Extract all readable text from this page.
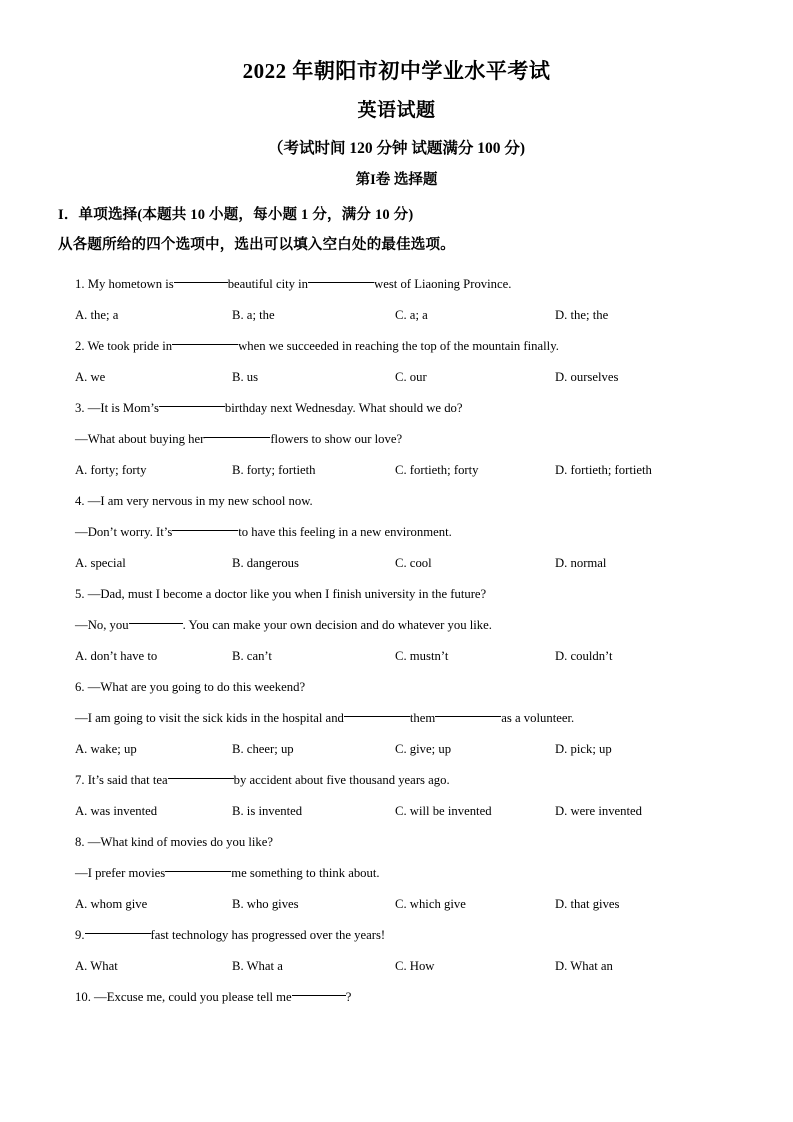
2022 年朝阳市初中学业水平考试
英语试题
（考试时间 120 分钟 试题满分 100 分)
第I卷 选择题
I．单项选择(本题共 10 小题，每小题 1 分，满分 10 分)
从各题所给的四个选项中，选出可以填入空白处的最佳选项。
1. My hometown is	beautiful city in	west of Liaoning Province.
A. the; a	B. a; the	C. a; a	D. the; the
2. We took pride in	when we succeeded in reaching the top of the mountain finally.
A. we	B. us	C. our	D. ourselves
3. —It is Mom’s	birthday next Wednesday. What should we do?
—What about buying her	flowers to show our love?
A. forty; forty	B. forty; fortieth	C. fortieth; forty	D. fortieth; fortieth
4. —I am very nervous in my new school now.
—Don’t worry. It’s	to have this feeling in a new environment.
A. special	B. dangerous	C. cool	D. normal
5. —Dad, must I become a doctor like you when I finish university in the future?
—No, you	. You can make your own decision and do whatever you like.
A. don’t have to	B. can’t	C. mustn’t	D. couldn’t
6. —What are you going to do this weekend?
—I am going to visit the sick kids in the hospital and	them	as a volunteer.
A. wake; up	B. cheer; up	C. give; up	D. pick; up
7. It’s said that tea	by accident about five thousand years ago.
A. was invented	B. is invented	C. will be invented	D. were invented
8. —What kind of movies do you like?
—I prefer movies	me something to think about.
A. whom give	B. who gives	C. which give	D. that gives
9.	fast technology has progressed over the years!
A. What	B. What a	C. How	D. What an
10. —Excuse me, could you please tell me	?
